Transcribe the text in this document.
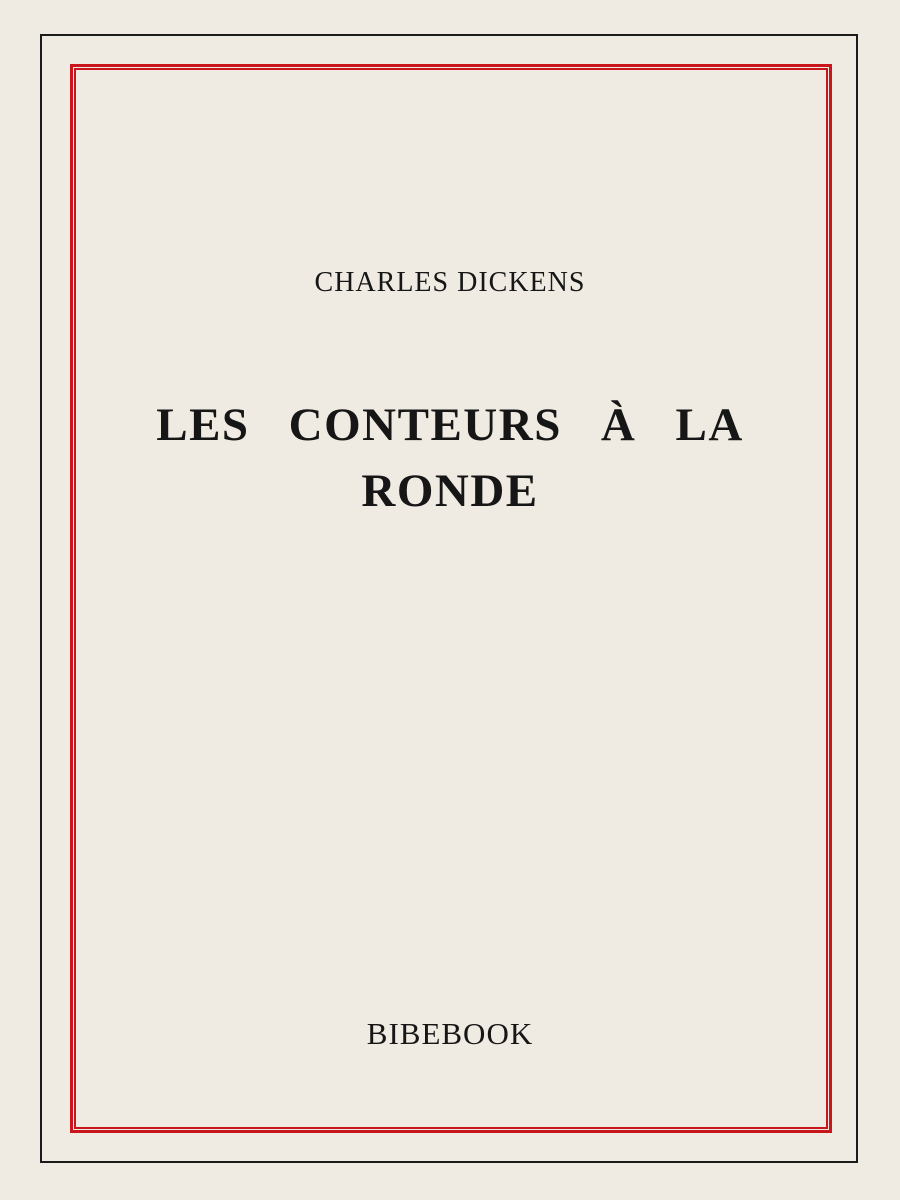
CHARLES DICKENS
LES CONTEURS À LA
RONDE
BIBEBOOK
